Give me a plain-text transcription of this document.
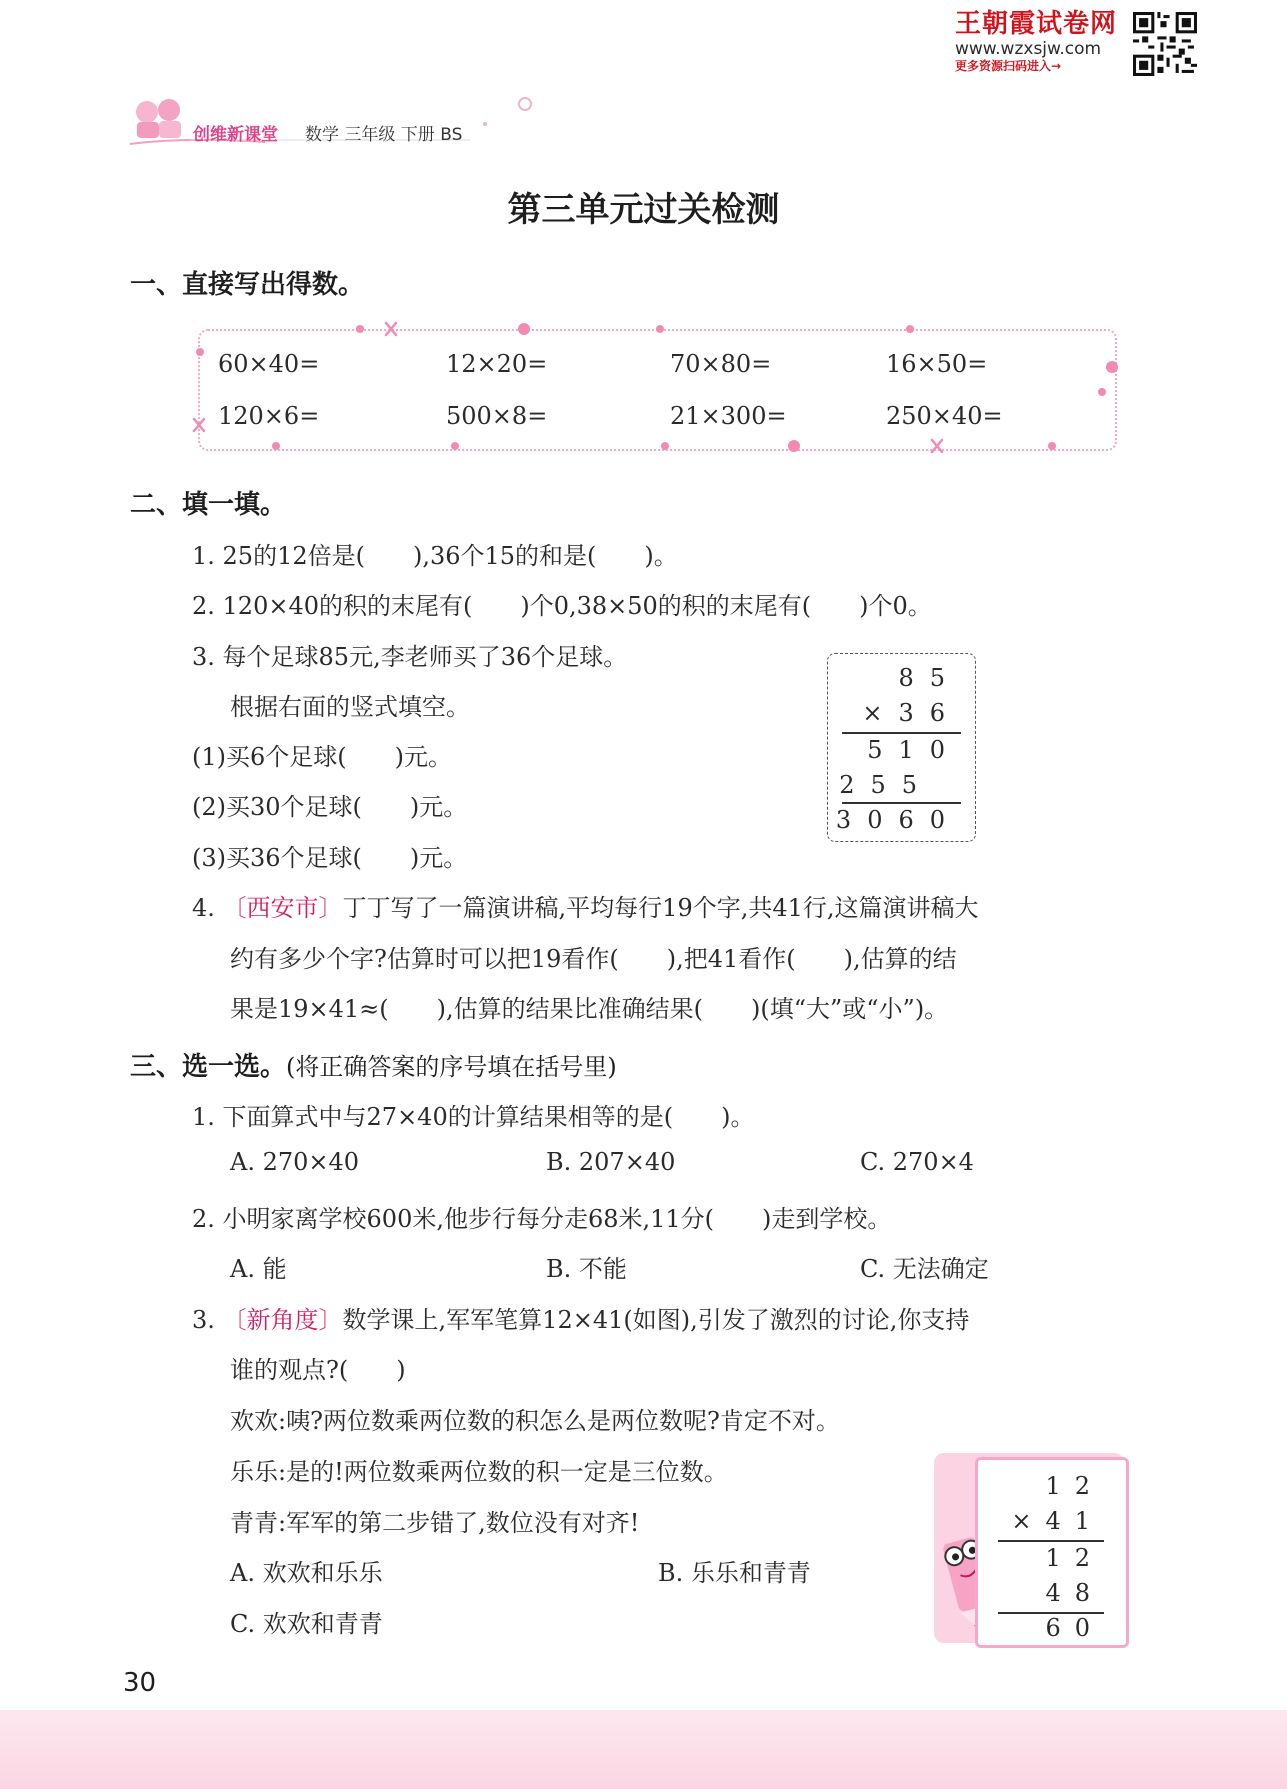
王朝霞试卷网
www.wzxsjw.com
更多资源扫码进入→
创维新课堂 数学 三年级 下册 BS
第三单元过关检测
一、直接写出得数。
60×40=	12×20=	70×80=	16×50=
120×6=	500×8=	21×300=	250×40=
二、填一填。
1. 25的12倍是(　　),36个15的和是(　　)。
2. 120×40的积的末尾有(　　)个0,38×50的积的末尾有(　　)个0。
3. 每个足球85元,李老师买了36个足球。
根据右面的竖式填空。
(1)买6个足球(　　)元。
(2)买30个足球(　　)元。
(3)买36个足球(　　)元。
85
×36
510
255
3060
4. 〔西安市〕丁丁写了一篇演讲稿,平均每行19个字,共41行,这篇演讲稿大
约有多少个字?估算时可以把19看作(　　),把41看作(　　),估算的结
果是19×41≈(　　),估算的结果比准确结果(　　)(填“大”或“小”)。
三、选一选。(将正确答案的序号填在括号里)
1. 下面算式中与27×40的计算结果相等的是(　　)。
A. 270×40	B. 207×40	C. 270×4
2. 小明家离学校600米,他步行每分走68米,11分(　　)走到学校。
A. 能	B. 不能	C. 无法确定
3. 〔新角度〕数学课上,军军笔算12×41(如图),引发了激烈的讨论,你支持
谁的观点?(　　)
欢欢:咦?两位数乘两位数的积怎么是两位数呢?肯定不对。
乐乐:是的!两位数乘两位数的积一定是三位数。
青青:军军的第二步错了,数位没有对齐!
A. 欢欢和乐乐	B. 乐乐和青青
C. 欢欢和青青
12
×41
12
48
60
30
